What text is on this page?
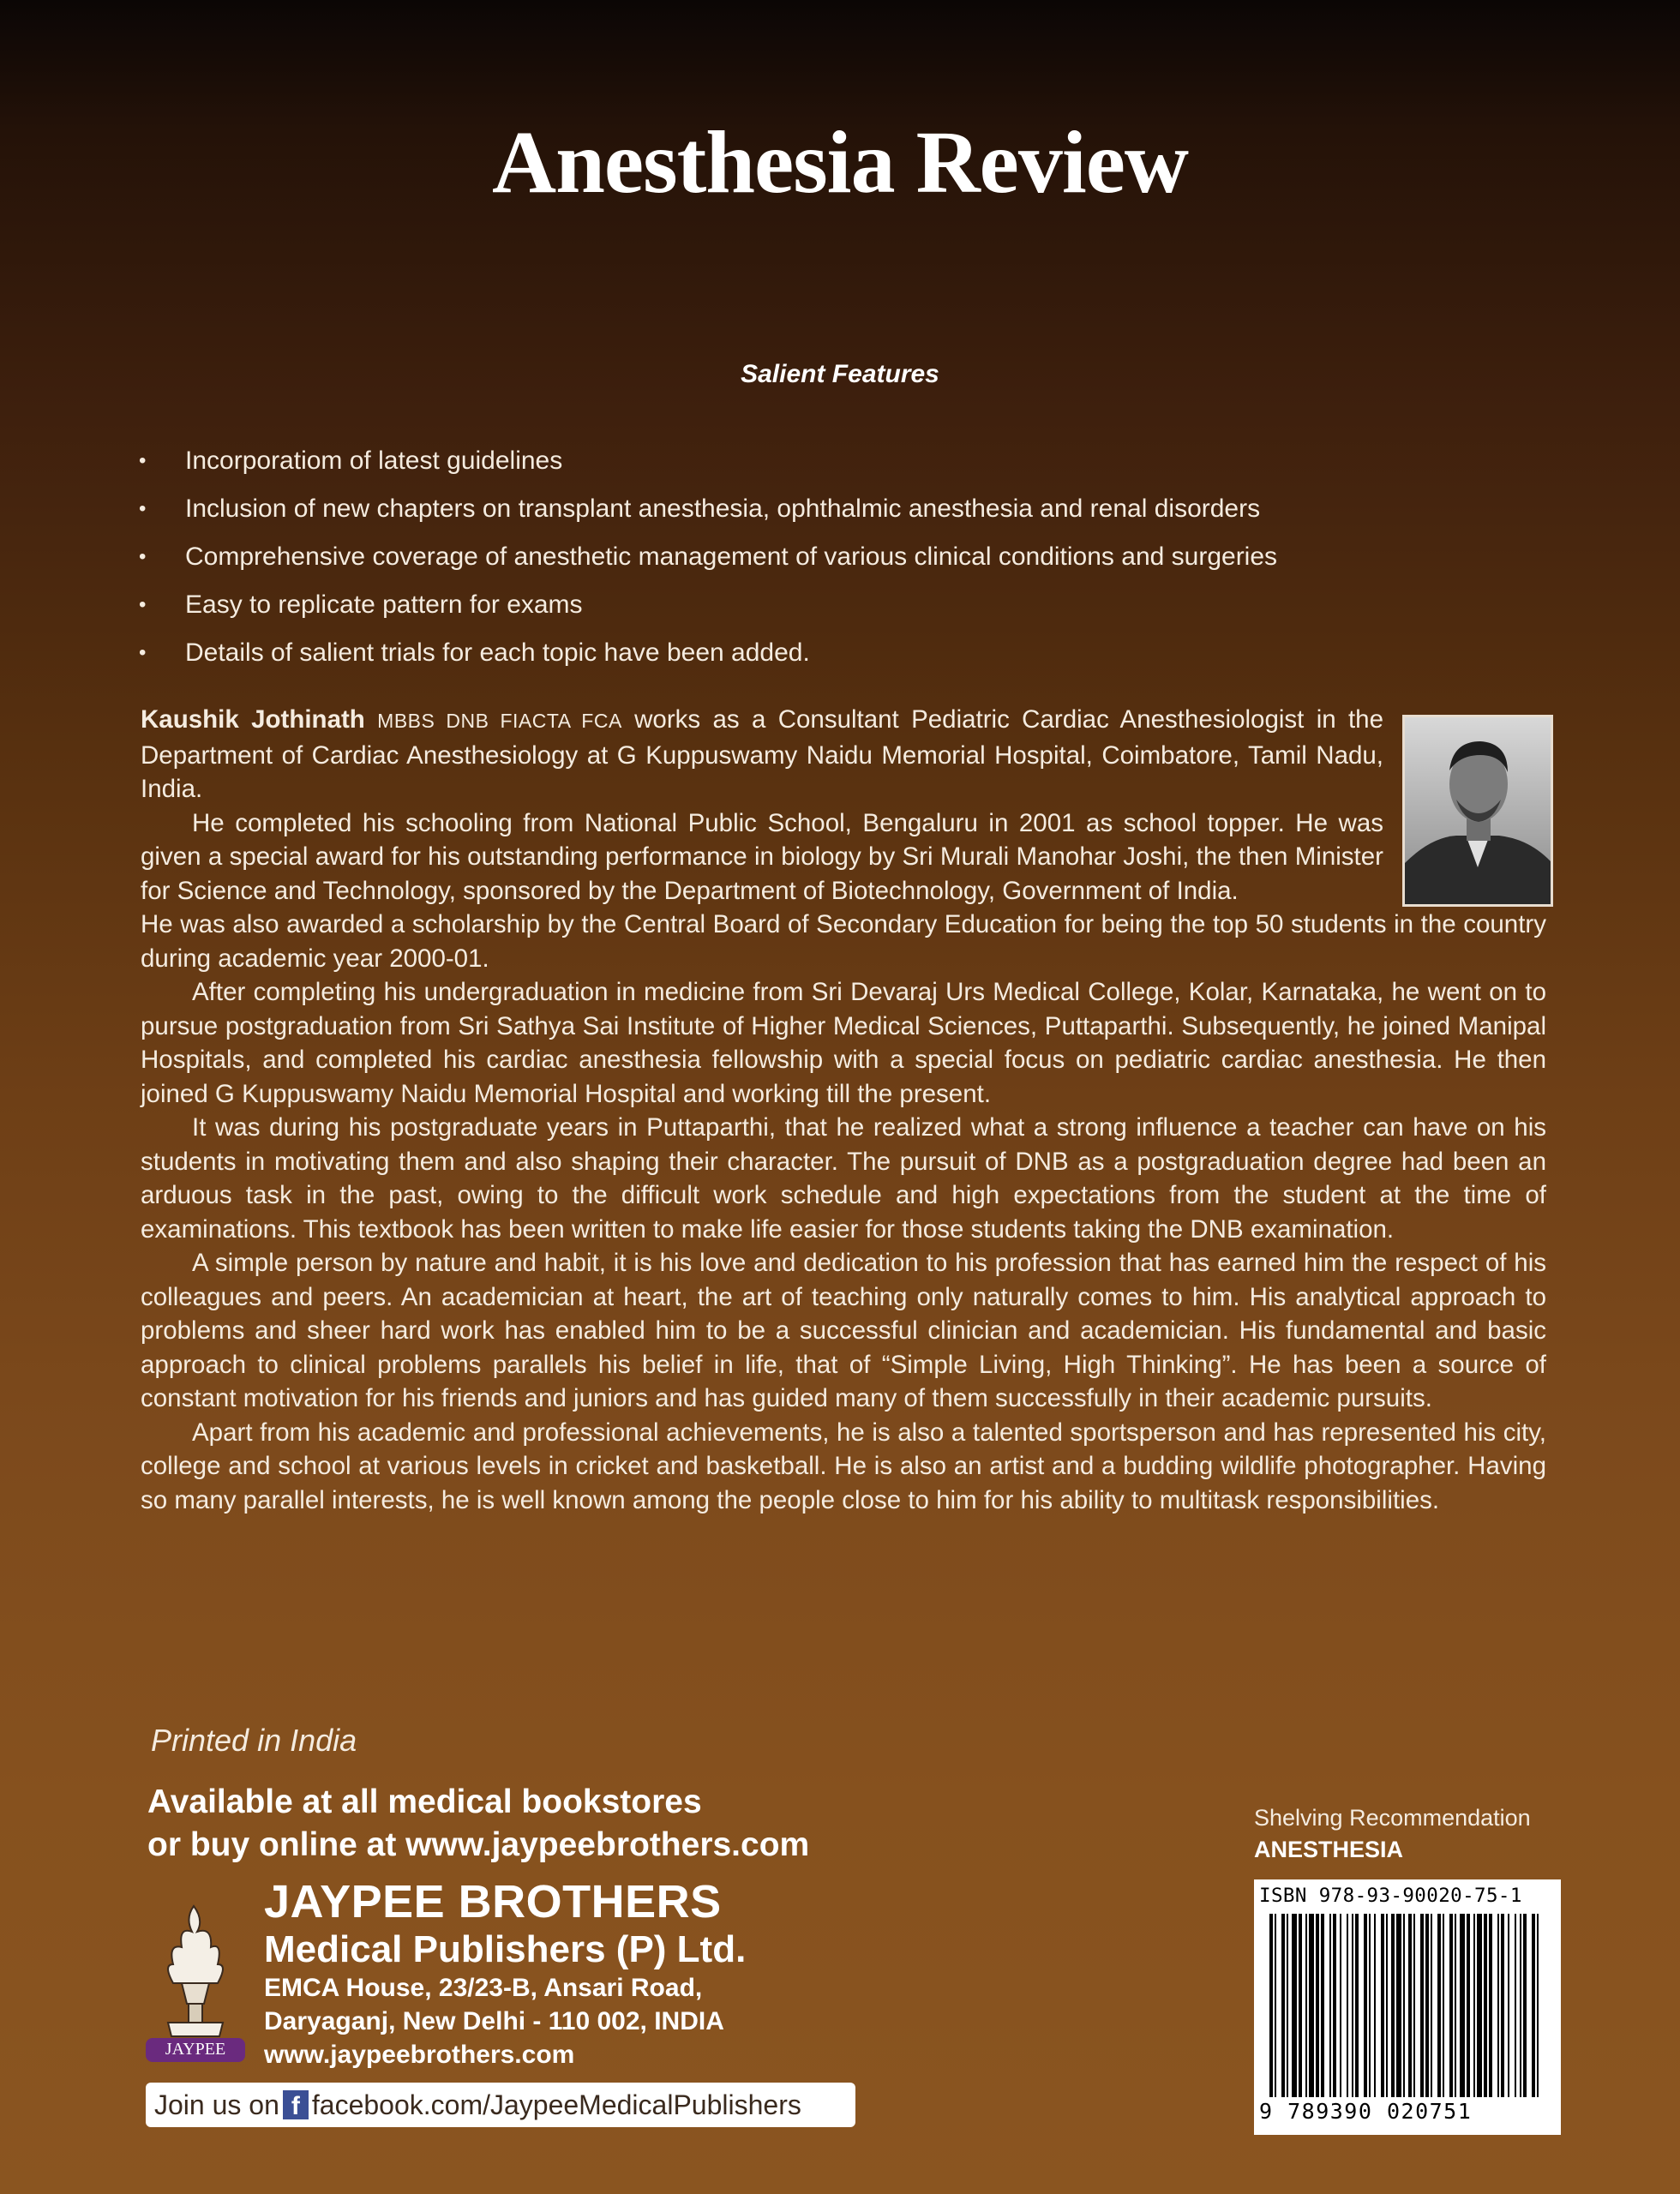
Anesthesia Review
Salient Features
• Incorporatiom of latest guidelines
• Inclusion of new chapters on transplant anesthesia, ophthalmic anesthesia and renal disorders
• Comprehensive coverage of anesthetic management of various clinical conditions and surgeries
• Easy to replicate pattern for exams
• Details of salient trials for each topic have been added.

Kaushik Jothinath MBBS DNB FIACTA FCA works as a Consultant Pediatric Cardiac Anesthesiologist in the Department of Cardiac Anesthesiology at G Kuppuswamy Naidu Memorial Hospital, Coimbatore, Tamil Nadu, India.

He completed his schooling from National Public School, Bengaluru in 2001 as school topper. He was given a special award for his outstanding performance in biology by Sri Murali Manohar Joshi, the then Minister for Science and Technology, sponsored by the Department of Biotechnology, Government of India.

He was also awarded a scholarship by the Central Board of Secondary Education for being the top 50 students in the country during academic year 2000-01.

After completing his undergraduation in medicine from Sri Devaraj Urs Medical College, Kolar, Karnataka, he went on to pursue postgraduation from Sri Sathya Sai Institute of Higher Medical Sciences, Puttaparthi. Subsequently, he joined Manipal Hospitals, and completed his cardiac anesthesia fellowship with a special focus on pediatric cardiac anesthesia. He then joined G Kuppuswamy Naidu Memorial Hospital and working till the present.

It was during his postgraduate years in Puttaparthi, that he realized what a strong influence a teacher can have on his students in motivating them and also shaping their character. The pursuit of DNB as a postgraduation degree had been an arduous task in the past, owing to the difficult work schedule and high expectations from the student at the time of examinations. This textbook has been written to make life easier for those students taking the DNB examination.

A simple person by nature and habit, it is his love and dedication to his profession that has earned him the respect of his colleagues and peers. An academician at heart, the art of teaching only naturally comes to him. His analytical approach to problems and sheer hard work has enabled him to be a successful clinician and academician. His fundamental and basic approach to clinical problems parallels his belief in life, that of “Simple Living, High Thinking”. He has been a source of constant motivation for his friends and juniors and has guided many of them successfully in their academic pursuits.

Apart from his academic and professional achievements, he is also a talented sportsperson and has represented his city, college and school at various levels in cricket and basketball. He is also an artist and a budding wildlife photographer. Having so many parallel interests, he is well known among the people close to him for his ability to multitask responsibilities.

Printed in India
Available at all medical bookstores
or buy online at www.jaypeebrothers.com
JAYPEE
JAYPEE BROTHERS
Medical Publishers (P) Ltd.
EMCA House, 23/23-B, Ansari Road,
Daryaganj, New Delhi - 110 002, INDIA
www.jaypeebrothers.com
Join us on f facebook.com/JaypeeMedicalPublishers
Shelving Recommendation
ANESTHESIA
ISBN 978-93-90020-75-1
9 789390 020751
